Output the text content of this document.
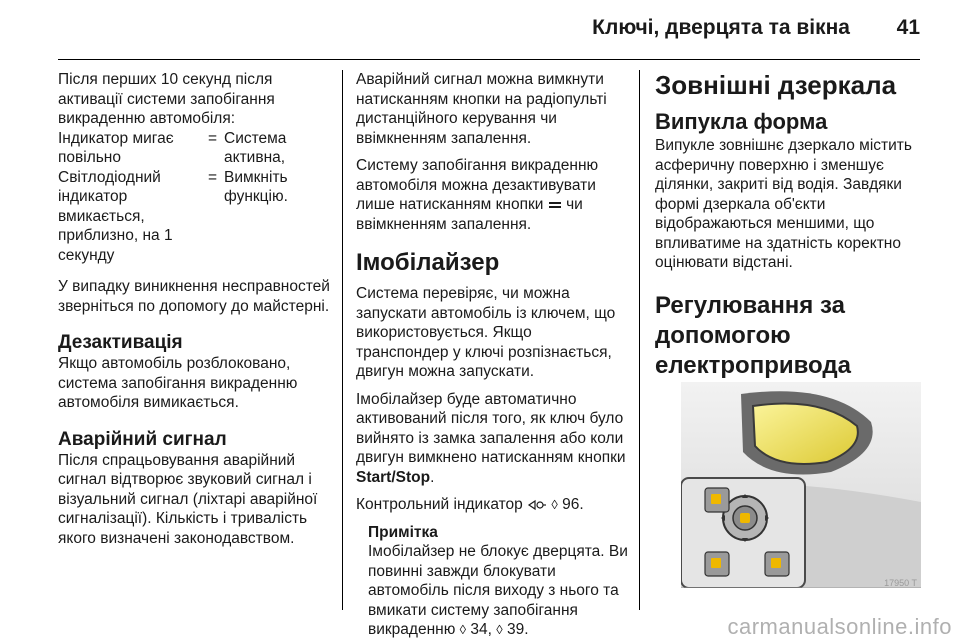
Ключі, дверцята та вікна 41

Після перших 10 секунд після активації системи запобігання викраденню автомобіля:

Індикатор мигає повільно	=	Система активна,
Світлодіодний індикатор вмикається, приблизно, на 1 секунду	=	Вимкніть функцію.

У випадку виникнення несправностей зверніться по допомогу до майстерні.

Дезактивація

Якщо автомобіль розблоковано, система запобігання викраденню автомобіля вимикається.

Аварійний сигнал

Після спрацьовування аварійний сигнал відтворює звуковий сигнал і візуальний сигнал (ліхтарі аварійної сигналізації). Кількість і тривалість якого визначені законодавством.

Аварійний сигнал можна вимкнути натисканням кнопки на радіопульті дистанційного керування чи ввімкненням запалення.

Систему запобігання викраденню автомобіля можна дезактивувати лише натисканням кнопки чи ввімкненням запалення.

Імобілайзер

Система перевіряє, чи можна запускати автомобіль із ключем, що використовується. Якщо транспондер у ключі розпізнається, двигун можна запускати.

Імобілайзер буде автоматично активований після того, як ключ було вийнято із замка запалення або коли двигун вимкнено натисканням кнопки Start/Stop.

Контрольний індикатор ◊ 96.

Примітка
Імобілайзер не блокує дверцята. Ви повинні завжди блокувати автомобіль після виходу з нього та вмикати систему запобігання викраденню ◊ 34, ◊ 39.
Зовнішні дзеркала
Випукла форма

Випукле зовнішнє дзеркало містить асферичну поверхню і зменшує ділянки, закриті від водія. Завдяки формі дзеркала об'єкти відображаються меншими, що впливатиме на здатність коректно оцінювати відстані.

Регулювання за
допомогою
електропривода
17950 T
carmanualsonline.info
